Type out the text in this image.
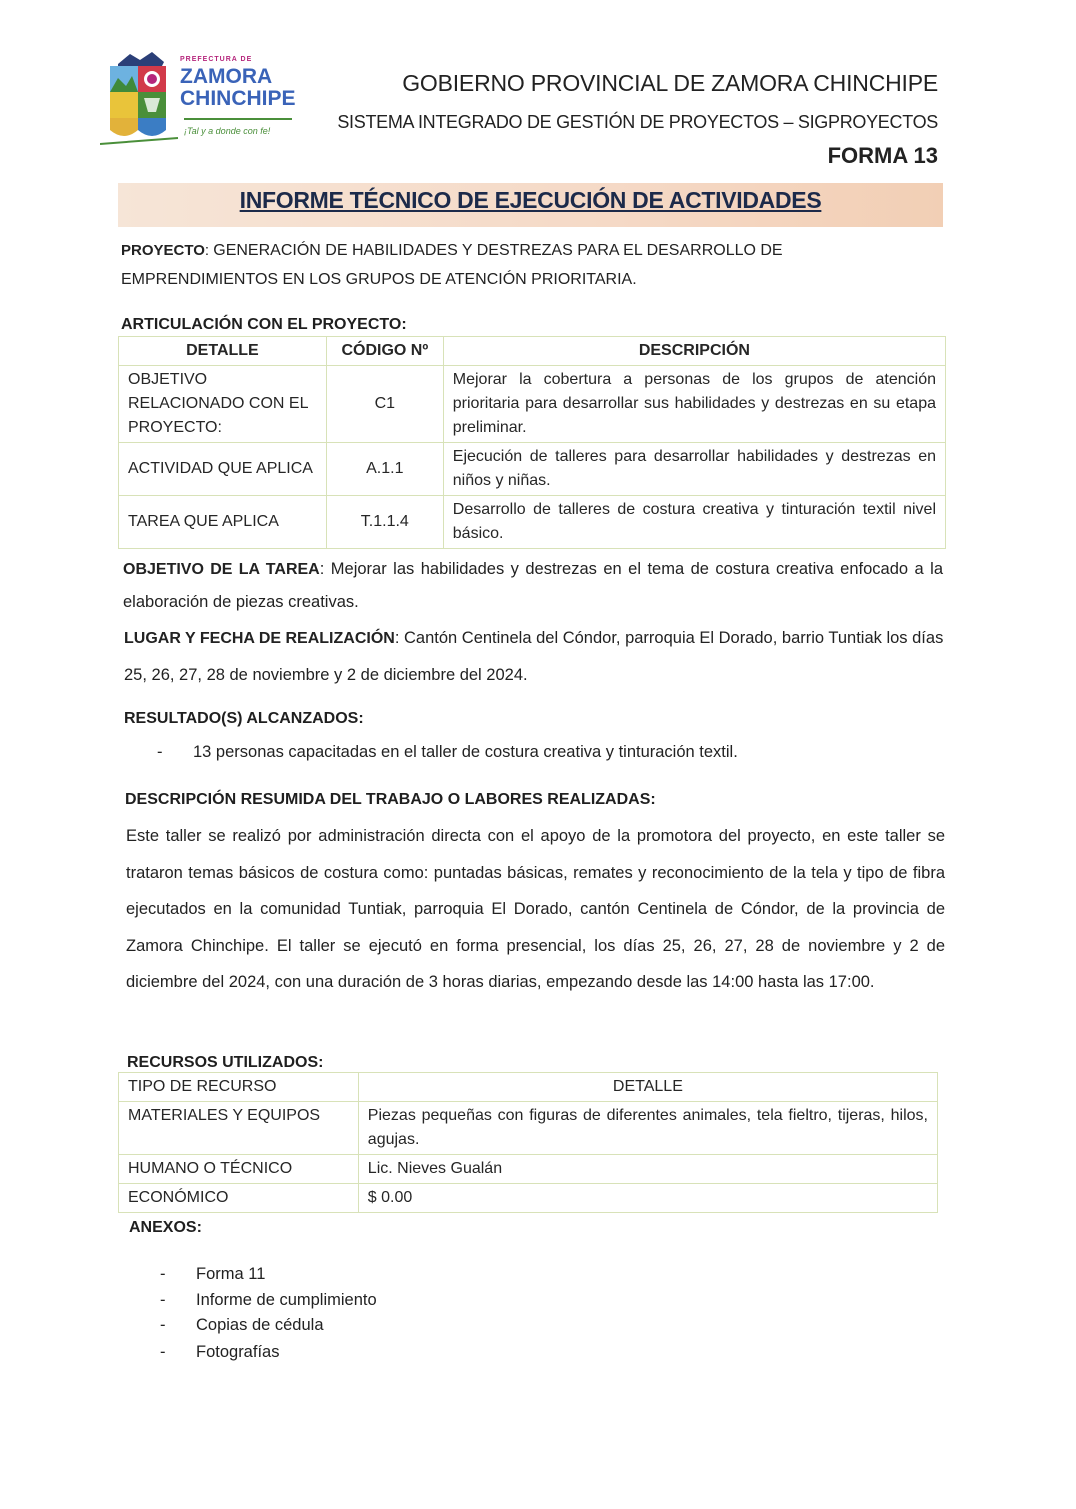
PREFECTURA DE
ZAMORA
CHINCHIPE
¡Tal y a donde con fe!
GOBIERNO PROVINCIAL DE ZAMORA CHINCHIPE
SISTEMA INTEGRADO DE GESTIÓN DE PROYECTOS – SIGPROYECTOS
FORMA 13
INFORME TÉCNICO DE EJECUCIÓN DE ACTIVIDADES
PROYECTO: GENERACIÓN DE HABILIDADES Y DESTREZAS PARA EL DESARROLLO DE EMPRENDIMIENTOS EN LOS GRUPOS DE ATENCIÓN PRIORITARIA.
ARTICULACIÓN CON EL PROYECTO:
DETALLE	CÓDIGO Nº	DESCRIPCIÓN
OBJETIVO RELACIONADO CON EL PROYECTO:	C1	Mejorar la cobertura a personas de los grupos de atención prioritaria para desarrollar sus habilidades y destrezas en su etapa preliminar.
ACTIVIDAD QUE APLICA	A.1.1	Ejecución de talleres para desarrollar habilidades y destrezas en niños y niñas.
TAREA QUE APLICA	T.1.1.4	Desarrollo de talleres de costura creativa y tinturación textil nivel básico.
OBJETIVO DE LA TAREA: Mejorar las habilidades y destrezas en el tema de costura creativa enfocado a la elaboración de piezas creativas.
LUGAR Y FECHA DE REALIZACIÓN: Cantón Centinela del Cóndor, parroquia El Dorado, barrio Tuntiak los días 25, 26, 27, 28 de noviembre y 2 de diciembre del 2024.
RESULTADO(S) ALCANZADOS:
- 13 personas capacitadas en el taller de costura creativa y tinturación textil.
DESCRIPCIÓN RESUMIDA DEL TRABAJO O LABORES REALIZADAS:

Este taller se realizó por administración directa con el apoyo de la promotora del proyecto, en este taller se trataron temas básicos de costura como: puntadas básicas, remates y reconocimiento de la tela y tipo de fibra ejecutados en la comunidad Tuntiak, parroquia El Dorado, cantón Centinela de Cóndor, de la provincia de Zamora Chinchipe. El taller se ejecutó en forma presencial, los días 25, 26, 27, 28 de noviembre y 2 de diciembre del 2024, con una duración de 3 horas diarias, empezando desde las 14:00 hasta las 17:00.

RECURSOS UTILIZADOS:
TIPO DE RECURSO	DETALLE
MATERIALES Y EQUIPOS	Piezas pequeñas con figuras de diferentes animales, tela fieltro, tijeras, hilos, agujas.
HUMANO O TÉCNICO	Lic. Nieves Gualán
ECONÓMICO	$ 0.00
ANEXOS:
- Forma 11
- Informe de cumplimiento
- Copias de cédula
- Fotografías
